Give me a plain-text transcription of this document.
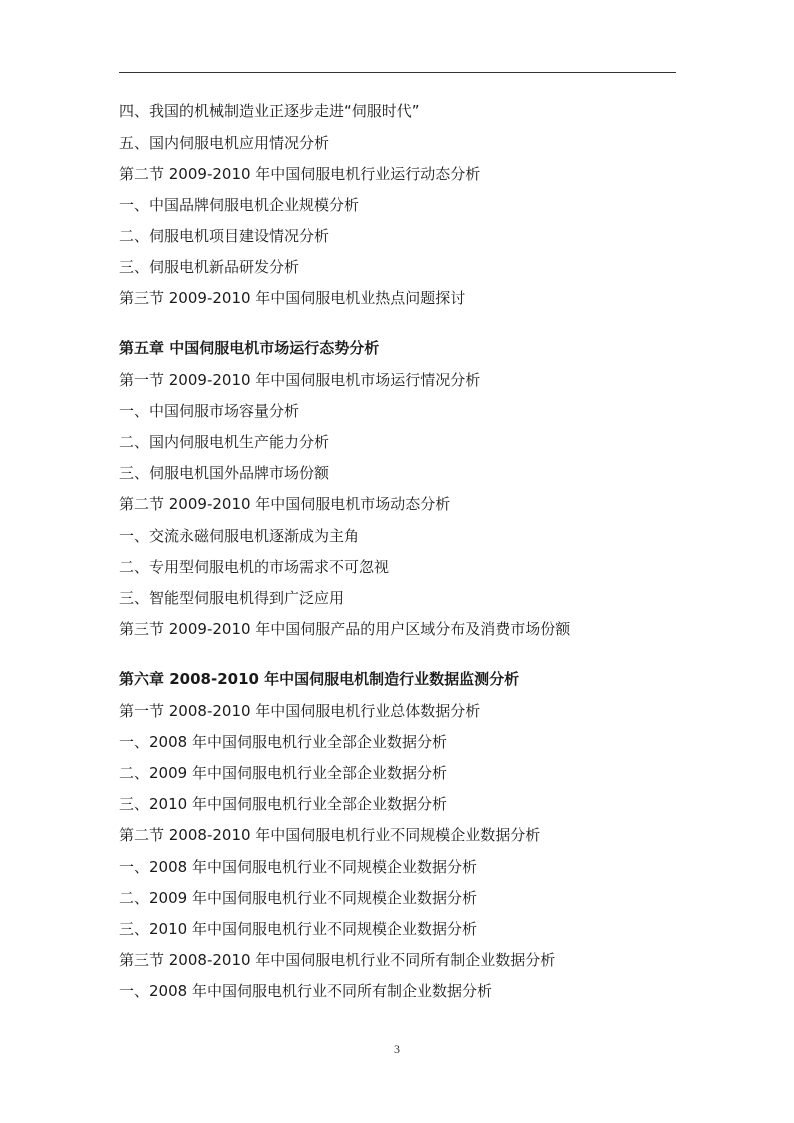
四、我国的机械制造业正逐步走进“伺服时代”
五、国内伺服电机应用情况分析
第二节 2009-2010 年中国伺服电机行业运行动态分析
一、中国品牌伺服电机企业规模分析
二、伺服电机项目建设情况分析
三、伺服电机新品研发分析
第三节 2009-2010 年中国伺服电机业热点问题探讨
第五章 中国伺服电机市场运行态势分析
第一节 2009-2010 年中国伺服电机市场运行情况分析
一、中国伺服市场容量分析
二、国内伺服电机生产能力分析
三、伺服电机国外品牌市场份额
第二节 2009-2010 年中国伺服电机市场动态分析
一、交流永磁伺服电机逐渐成为主角
二、专用型伺服电机的市场需求不可忽视
三、智能型伺服电机得到广泛应用
第三节 2009-2010 年中国伺服产品的用户区域分布及消费市场份额
第六章 2008-2010 年中国伺服电机制造行业数据监测分析
第一节 2008-2010 年中国伺服电机行业总体数据分析
一、2008 年中国伺服电机行业全部企业数据分析
二、2009 年中国伺服电机行业全部企业数据分析
三、2010 年中国伺服电机行业全部企业数据分析
第二节 2008-2010 年中国伺服电机行业不同规模企业数据分析
一、2008 年中国伺服电机行业不同规模企业数据分析
二、2009 年中国伺服电机行业不同规模企业数据分析
三、2010 年中国伺服电机行业不同规模企业数据分析
第三节 2008-2010 年中国伺服电机行业不同所有制企业数据分析
一、2008 年中国伺服电机行业不同所有制企业数据分析
3
